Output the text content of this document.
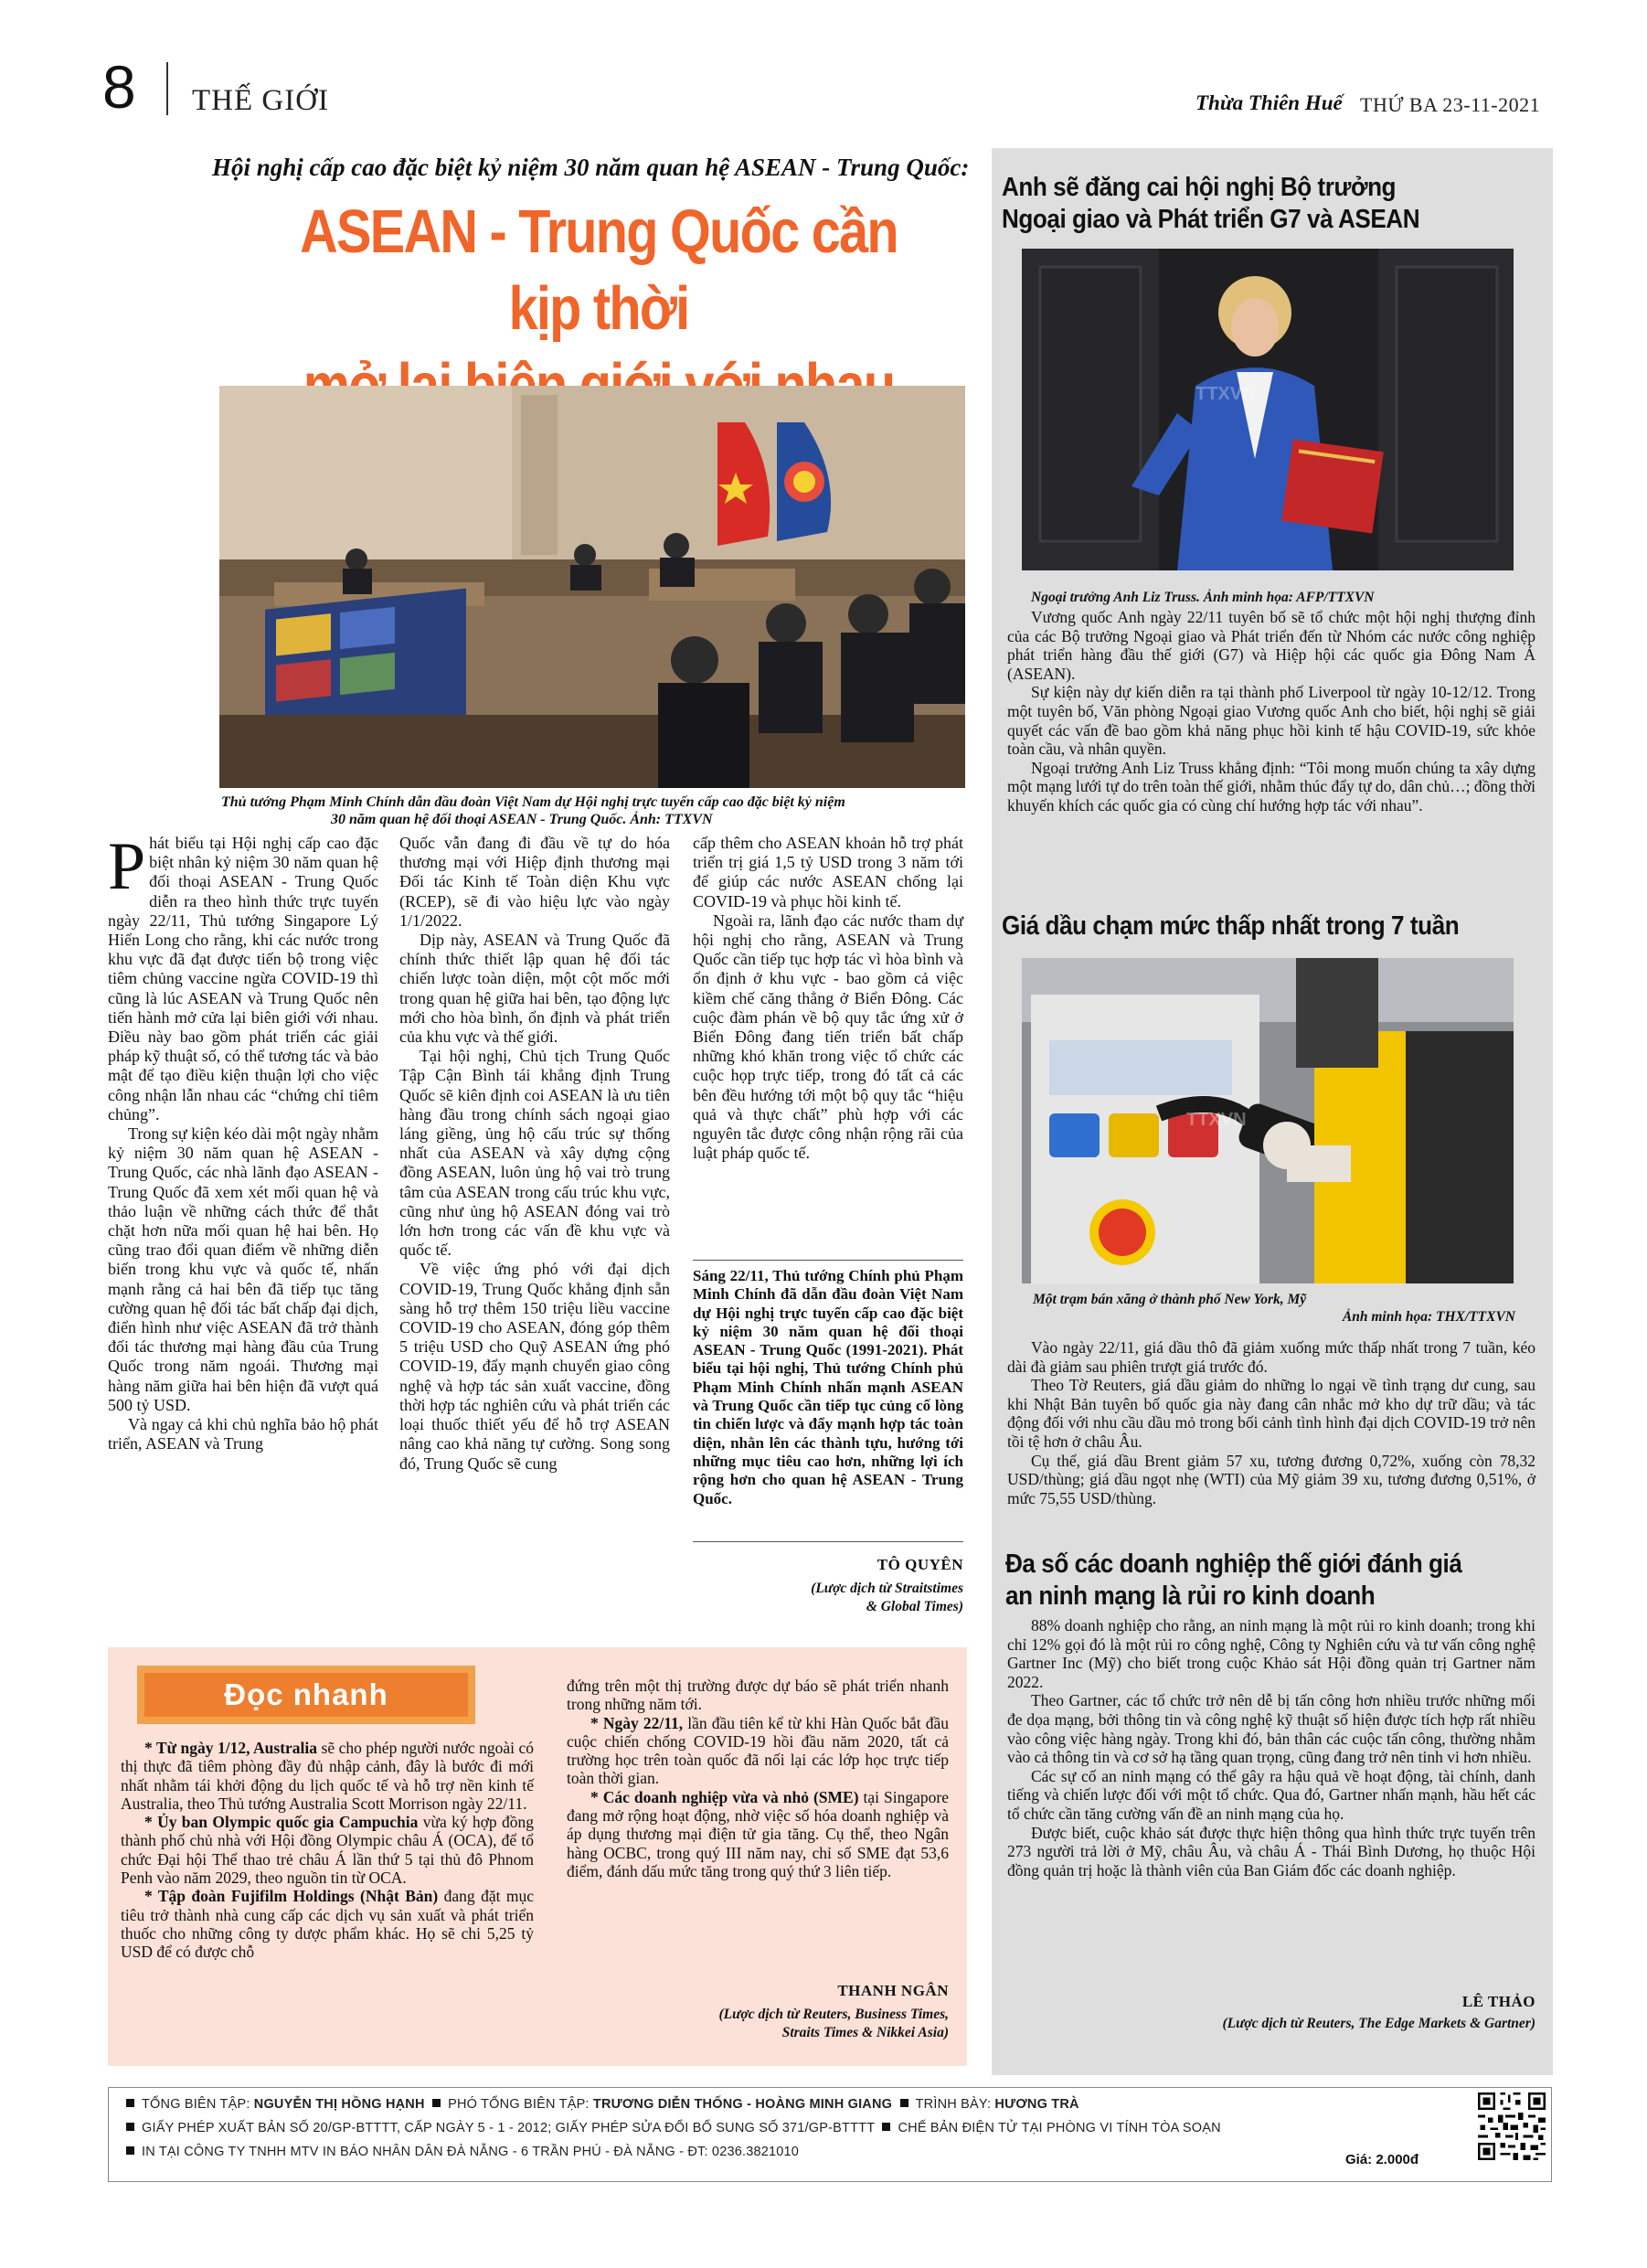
8 THẾ GIỚI	Thừa Thiên Huế THỨ BA 23-11-2021
Hội nghị cấp cao đặc biệt kỷ niệm 30 năm quan hệ ASEAN - Trung Quốc:
ASEAN - Trung Quốc cần kịp thời
Thủ tướng Phạm Minh Chính dẫn đầu đoàn Việt Nam dự Hội nghị trực tuyến cấp cao đặc biệt kỷ niệm
30 năm quan hệ đối thoại ASEAN - Trung Quốc. Ảnh: TTXVN

Phát biểu tại Hội nghị cấp cao đặc biệt nhân kỷ niệm 30 năm quan hệ đối thoại ASEAN - Trung Quốc diễn ra theo hình thức trực tuyến ngày 22/11, Thủ tướng Singapore Lý Hiển Long cho rằng, khi các nước trong khu vực đã đạt được tiến bộ trong việc tiêm chủng vaccine ngừa COVID-19 thì cũng là lúc ASEAN và Trung Quốc nên tiến hành mở cửa lại biên giới với nhau. Điều này bao gồm phát triển các giải pháp kỹ thuật số, có thể tương tác và bảo mật để tạo điều kiện thuận lợi cho việc công nhận lẫn nhau các “chứng chỉ tiêm chủng”.

Trong sự kiện kéo dài một ngày nhằm kỷ niệm 30 năm quan hệ ASEAN - Trung Quốc, các nhà lãnh đạo ASEAN - Trung Quốc đã xem xét mối quan hệ và thảo luận về những cách thức để thắt chặt hơn nữa mối quan hệ hai bên. Họ cũng trao đổi quan điểm về những diễn biến trong khu vực và quốc tế, nhấn mạnh rằng cả hai bên đã tiếp tục tăng cường quan hệ đối tác bất chấp đại dịch, điển hình như việc ASEAN đã trở thành đối tác thương mại hàng đầu của Trung Quốc trong năm ngoái. Thương mại hàng năm giữa hai bên hiện đã vượt quá 500 tỷ USD.

Và ngay cả khi chủ nghĩa bảo hộ phát triển, ASEAN và Trung

Quốc vẫn đang đi đầu về tự do hóa thương mại với Hiệp định thương mại Đối tác Kinh tế Toàn diện Khu vực (RCEP), sẽ đi vào hiệu lực vào ngày 1/1/2022.

Dịp này, ASEAN và Trung Quốc đã chính thức thiết lập quan hệ đối tác chiến lược toàn diện, một cột mốc mới trong quan hệ giữa hai bên, tạo động lực mới cho hòa bình, ổn định và phát triển của khu vực và thế giới.

Tại hội nghị, Chủ tịch Trung Quốc Tập Cận Bình tái khẳng định Trung Quốc sẽ kiên định coi ASEAN là ưu tiên hàng đầu trong chính sách ngoại giao láng giềng, ủng hộ cấu trúc sự thống nhất của ASEAN và xây dựng cộng đồng ASEAN, luôn ủng hộ vai trò trung tâm của ASEAN trong cấu trúc khu vực, cũng như ủng hộ ASEAN đóng vai trò lớn hơn trong các vấn đề khu vực và quốc tế.

Về việc ứng phó với đại dịch COVID-19, Trung Quốc khẳng định sẵn sàng hỗ trợ thêm 150 triệu liều vaccine COVID-19 cho ASEAN, đóng góp thêm 5 triệu USD cho Quỹ ASEAN ứng phó COVID-19, đẩy mạnh chuyển giao công nghệ và hợp tác sản xuất vaccine, đồng thời hợp tác nghiên cứu và phát triển các loại thuốc thiết yếu để hỗ trợ ASEAN nâng cao khả năng tự cường. Song song đó, Trung Quốc sẽ cung

cấp thêm cho ASEAN khoản hỗ trợ phát triển trị giá 1,5 tỷ USD trong 3 năm tới để giúp các nước ASEAN chống lại COVID-19 và phục hồi kinh tế.

Ngoài ra, lãnh đạo các nước tham dự hội nghị cho rằng, ASEAN và Trung Quốc cần tiếp tục hợp tác vì hòa bình và ổn định ở khu vực - bao gồm cả việc kiềm chế căng thẳng ở Biển Đông. Các cuộc đàm phán về bộ quy tắc ứng xử ở Biển Đông đang tiến triển bất chấp những khó khăn trong việc tổ chức các cuộc họp trực tiếp, trong đó tất cả các bên đều hướng tới một bộ quy tắc “hiệu quả và thực chất” phù hợp với các nguyên tắc được công nhận rộng rãi của luật pháp quốc tế.

Sáng 22/11, Thủ tướng Chính phủ Phạm Minh Chính đã dẫn đầu đoàn Việt Nam dự Hội nghị trực tuyến cấp cao đặc biệt kỷ niệm 30 năm quan hệ đối thoại ASEAN - Trung Quốc (1991-2021). Phát biểu tại hội nghị, Thủ tướng Chính phủ Phạm Minh Chính nhấn mạnh ASEAN và Trung Quốc cần tiếp tục củng cố lòng tin chiến lược và đẩy mạnh hợp tác toàn diện, nhằn lên các thành tựu, hướng tới những mục tiêu cao hơn, những lợi ích rộng hơn cho quan hệ ASEAN - Trung Quốc.
TÔ QUYÊN
(Lược dịch từ Straitstimes
& Global Times)
Anh sẽ đăng cai hội nghị Bộ trưởng
Ngoại giao và Phát triển G7 và ASEAN
TTXVN
Ngoại trưởng Anh Liz Truss. Ảnh minh họa: AFP/TTXVN

Vương quốc Anh ngày 22/11 tuyên bố sẽ tổ chức một hội nghị thượng đỉnh của các Bộ trưởng Ngoại giao và Phát triển đến từ Nhóm các nước công nghiệp phát triển hàng đầu thế giới (G7) và Hiệp hội các quốc gia Đông Nam Á (ASEAN).

Sự kiện này dự kiến diễn ra tại thành phố Liverpool từ ngày 10-12/12. Trong một tuyên bố, Văn phòng Ngoại giao Vương quốc Anh cho biết, hội nghị sẽ giải quyết các vấn đề bao gồm khả năng phục hồi kinh tế hậu COVID-19, sức khỏe toàn cầu, và nhân quyền.

Ngoại trưởng Anh Liz Truss khẳng định: “Tôi mong muốn chúng ta xây dựng một mạng lưới tự do trên toàn thế giới, nhằm thúc đẩy tự do, dân chủ…; đồng thời khuyến khích các quốc gia có cùng chí hướng hợp tác với nhau”.

Giá dầu chạm mức thấp nhất trong 7 tuần
TTXVN
Một trạm bán xăng ở thành phố New York, Mỹ
Ảnh minh họa: THX/TTXVN

Vào ngày 22/11, giá dầu thô đã giảm xuống mức thấp nhất trong 7 tuần, kéo dài đà giảm sau phiên trượt giá trước đó.

Theo Tờ Reuters, giá dầu giảm do những lo ngại về tình trạng dư cung, sau khi Nhật Bản tuyên bố quốc gia này đang cân nhắc mở kho dự trữ dầu; và tác động đối với nhu cầu dầu mỏ trong bối cảnh tình hình đại dịch COVID-19 trở nên tồi tệ hơn ở châu Âu.

Cụ thể, giá dầu Brent giảm 57 xu, tương đương 0,72%, xuống còn 78,32 USD/thùng; giá dầu ngọt nhẹ (WTI) của Mỹ giảm 39 xu, tương đương 0,51%, ở mức 75,55 USD/thùng.

Đa số các doanh nghiệp thế giới đánh giá
an ninh mạng là rủi ro kinh doanh

88% doanh nghiệp cho rằng, an ninh mạng là một rủi ro kinh doanh; trong khi chỉ 12% gọi đó là một rủi ro công nghệ, Công ty Nghiên cứu và tư vấn công nghệ Gartner Inc (Mỹ) cho biết trong cuộc Khảo sát Hội đồng quản trị Gartner năm 2022.

Theo Gartner, các tổ chức trở nên dễ bị tấn công hơn nhiều trước những mối đe dọa mạng, bởi thông tin và công nghệ kỹ thuật số hiện được tích hợp rất nhiều vào công việc hàng ngày. Trong khi đó, bản thân các cuộc tấn công, thường nhằm vào cả thông tin và cơ sở hạ tầng quan trọng, cũng đang trở nên tinh vi hơn nhiều.

Các sự cố an ninh mạng có thể gây ra hậu quả về hoạt động, tài chính, danh tiếng và chiến lược đối với một tổ chức. Qua đó, Gartner nhấn mạnh, hầu hết các tổ chức cần tăng cường vấn đề an ninh mạng của họ.

Được biết, cuộc khảo sát được thực hiện thông qua hình thức trực tuyến trên 273 người trả lời ở Mỹ, châu Âu, và châu Á - Thái Bình Dương, họ thuộc Hội đồng quản trị hoặc là thành viên của Ban Giám đốc các doanh nghiệp.

LÊ THẢO
(Lược dịch từ Reuters, The Edge Markets & Gartner)
Đọc nhanh

* Từ ngày 1/12, Australia sẽ cho phép người nước ngoài có thị thực đã tiêm phòng đầy đủ nhập cảnh, đây là bước đi mới nhất nhằm tái khởi động du lịch quốc tế và hỗ trợ nền kinh tế Australia, theo Thủ tướng Australia Scott Morrison ngày 22/11.

* Ủy ban Olympic quốc gia Campuchia vừa ký hợp đồng thành phố chủ nhà với Hội đồng Olympic châu Á (OCA), để tổ chức Đại hội Thể thao trẻ châu Á lần thứ 5 tại thủ đô Phnom Penh vào năm 2029, theo nguồn tin từ OCA.

* Tập đoàn Fujifilm Holdings (Nhật Bản) đang đặt mục tiêu trở thành nhà cung cấp các dịch vụ sản xuất và phát triển thuốc cho những công ty dược phẩm khác. Họ sẽ chi 5,25 tỷ USD để có được chỗ

đứng trên một thị trường được dự báo sẽ phát triển nhanh trong những năm tới.

* Ngày 22/11, lần đầu tiên kể từ khi Hàn Quốc bắt đầu cuộc chiến chống COVID-19 hồi đầu năm 2020, tất cả trường học trên toàn quốc đã nối lại các lớp học trực tiếp toàn thời gian.

* Các doanh nghiệp vừa và nhỏ (SME) tại Singapore đang mở rộng hoạt động, nhờ việc số hóa doanh nghiệp và áp dụng thương mại điện tử gia tăng. Cụ thể, theo Ngân hàng OCBC, trong quý III năm nay, chỉ số SME đạt 53,6 điểm, đánh dấu mức tăng trong quý thứ 3 liên tiếp.

THANH NGÂN
(Lược dịch từ Reuters, Business Times,
Straits Times & Nikkei Asia)
TỔNG BIÊN TẬP: NGUYỄN THỊ HỒNG HẠNH PHÓ TỔNG BIÊN TẬP: TRƯƠNG DIỄN THỐNG - HOÀNG MINH GIANG TRÌNH BÀY: HƯƠNG TRÀ
GIẤY PHÉP XUẤT BẢN SỐ 20/GP-BTTTT, CẤP NGÀY 5 - 1 - 2012; GIẤY PHÉP SỬA ĐỔI BỔ SUNG SỐ 371/GP-BTTTT CHẾ BẢN ĐIỆN TỬ TẠI PHÒNG VI TÍNH TÒA SOẠN
IN TẠI CÔNG TY TNHH MTV IN BÁO NHÂN DÂN ĐÀ NẴNG - 6 TRẦN PHÚ - ĐÀ NẴNG - ĐT: 0236.3821010	Giá: 2.000đ
